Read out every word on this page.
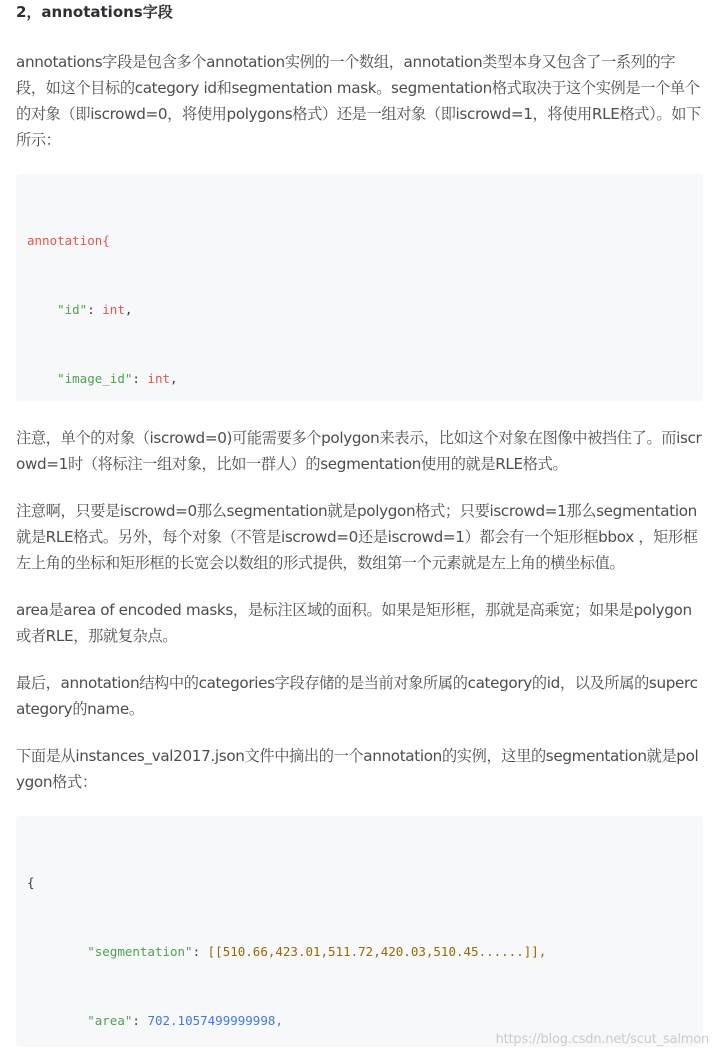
2，annotations字段

annotations字段是包含多个annotation实例的一个数组，annotation类型本身又包含了一系列的字段，如这个目标的category id和segmentation mask。segmentation格式取决于这个实例是一个单个的对象（即iscrowd=0，将使用polygons格式）还是一组对象（即iscrowd=1，将使用RLE格式）。如下所示：

annotation{

"id": int,

"image_id": int,

注意，单个的对象（iscrowd=0)可能需要多个polygon来表示，比如这个对象在图像中被挡住了。而iscrowd=1时（将标注一组对象，比如一群人）的segmentation使用的就是RLE格式。

注意啊，只要是iscrowd=0那么segmentation就是polygon格式；只要iscrowd=1那么segmentation就是RLE格式。另外，每个对象（不管是iscrowd=0还是iscrowd=1）都会有一个矩形框bbox ，矩形框左上角的坐标和矩形框的长宽会以数组的形式提供，数组第一个元素就是左上角的横坐标值。

area是area of encoded masks，是标注区域的面积。如果是矩形框，那就是高乘宽；如果是polygon或者RLE，那就复杂点。

最后，annotation结构中的categories字段存储的是当前对象所属的category的id，以及所属的supercategory的name。

下面是从instances_val2017.json文件中摘出的一个annotation的实例，这里的segmentation就是polygon格式：

{

"segmentation": [[510.66,423.01,511.72,420.03,510.45......]],

"area": 702.1057499999998,

https://blog.csdn.net/scut_salmon
